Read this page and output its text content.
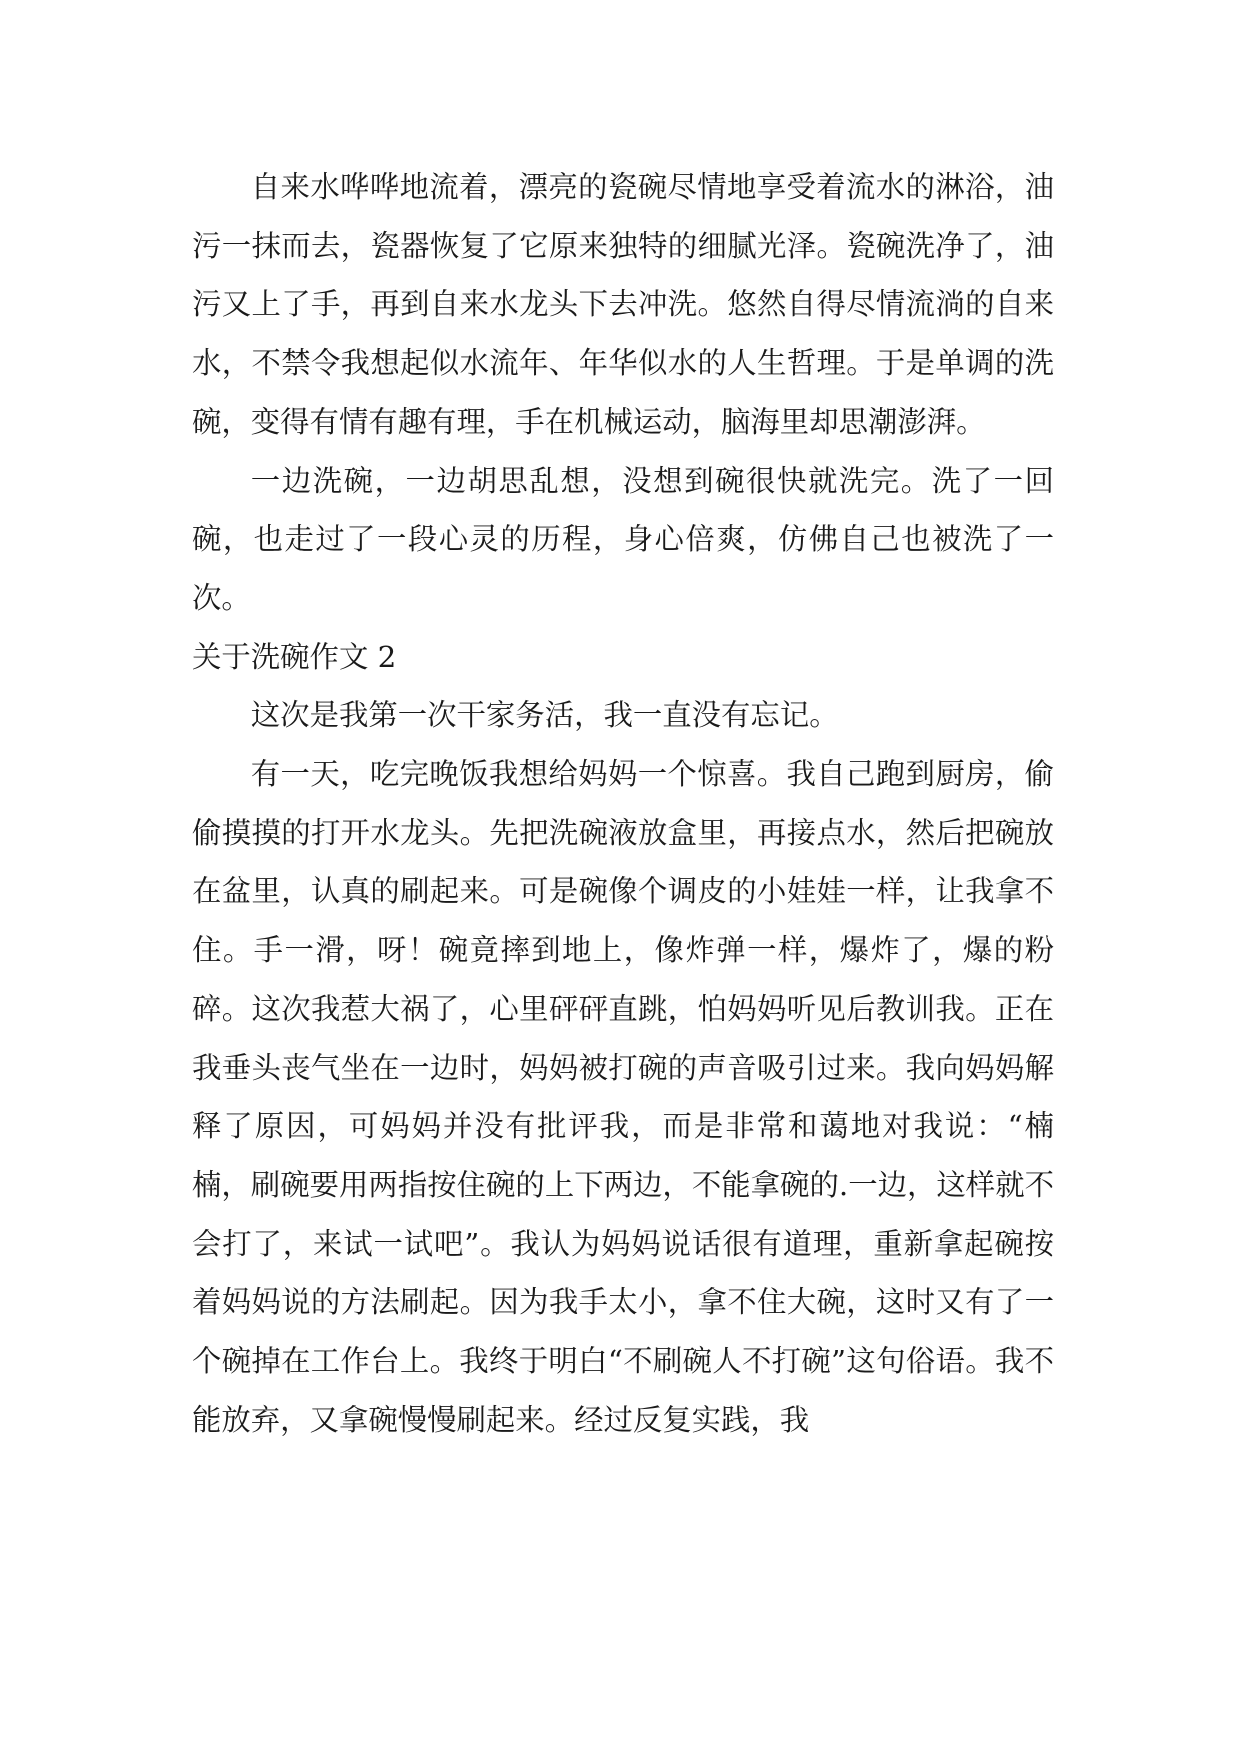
自来水哗哗地流着，漂亮的瓷碗尽情地享受着流水的淋浴，油污一抹而去，瓷器恢复了它原来独特的细腻光泽。瓷碗洗净了，油污又上了手，再到自来水龙头下去冲洗。悠然自得尽情流淌的自来水，不禁令我想起似水流年、年华似水的人生哲理。于是单调的洗碗，变得有情有趣有理，手在机械运动，脑海里却思潮澎湃。

一边洗碗，一边胡思乱想，没想到碗很快就洗完。洗了一回碗，也走过了一段心灵的历程，身心倍爽，仿佛自己也被洗了一次。

关于洗碗作文 2

这次是我第一次干家务活，我一直没有忘记。

有一天，吃完晚饭我想给妈妈一个惊喜。我自己跑到厨房，偷偷摸摸的打开水龙头。先把洗碗液放盒里，再接点水，然后把碗放在盆里，认真的刷起来。可是碗像个调皮的小娃娃一样，让我拿不住。手一滑，呀！碗竟摔到地上，像炸弹一样，爆炸了，爆的粉碎。这次我惹大祸了，心里砰砰直跳，怕妈妈听见后教训我。正在我垂头丧气坐在一边时，妈妈被打碗的声音吸引过来。我向妈妈解释了原因，可妈妈并没有批评我，而是非常和蔼地对我说：“楠楠，刷碗要用两指按住碗的上下两边，不能拿碗的.一边，这样就不会打了，来试一试吧”。我认为妈妈说话很有道理，重新拿起碗按着妈妈说的方法刷起。因为我手太小，拿不住大碗，这时又有了一个碗掉在工作台上。我终于明白“不刷碗人不打碗”这句俗语。我不能放弃，又拿碗慢慢刷起来。经过反复实践，我
